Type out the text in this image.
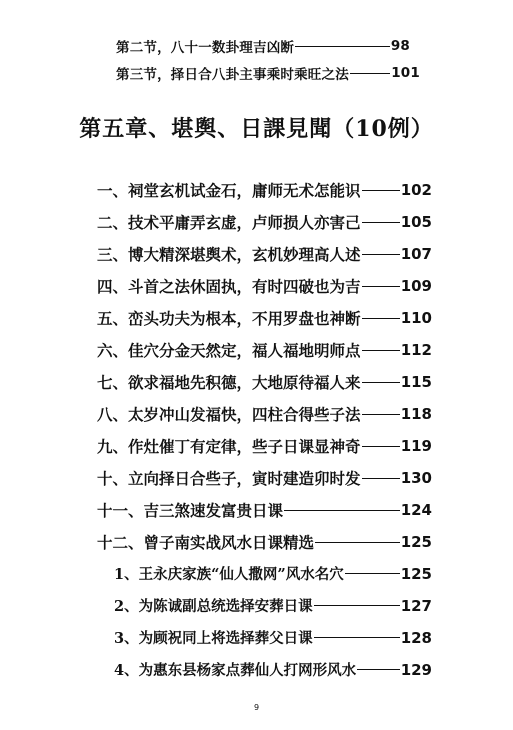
第二节，八十一数卦理吉凶断	98
第三节，择日合八卦主事乘时乘旺之法	101
第五章、堪舆、日課見聞（10例）
一、祠堂玄机试金石，庸师无术怎能识	102
二、技术平庸弄玄虚，卢师损人亦害己	105
三、博大精深堪舆术，玄机妙理高人述	107
四、斗首之法休固执，有时四破也为吉	109
五、峦头功夫为根本，不用罗盘也神断	110
六、佳穴分金天然定，福人福地明师点	112
七、欲求福地先积德，大地原待福人来	115
八、太岁冲山发福快，四柱合得些子法	118
九、作灶催丁有定律，些子日课显神奇	119
十、立向择日合些子，寅时建造卯时发	130
十一、吉三煞速发富贵日课	124
十二、曾子南实战风水日课精选	125
1、王永庆家族“仙人撒网”风水名穴	125
2、为陈诚副总统选择安葬日课	127
3、为顾祝同上将选择葬父日课	128
4、为惠东县杨家点葬仙人打网形风水	129
9
